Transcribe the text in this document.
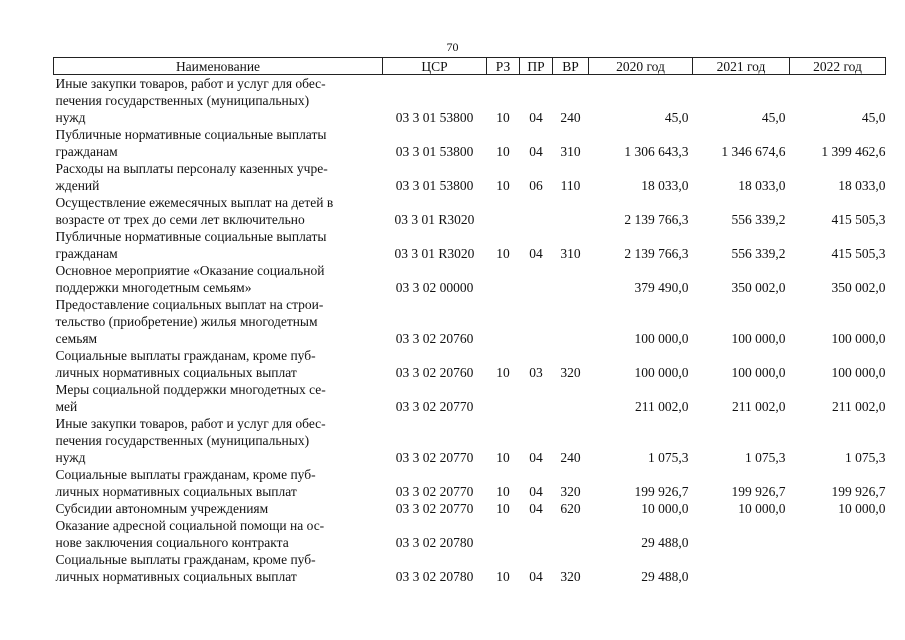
70
Наименование	ЦСР	РЗ	ПР	ВР	2020 год	2021 год	2022 год

Иные закупки товаров, работ и услуг для обес-
печения государственных (муниципальных)
нужд	03 3 01 53800	10	04	240	45,0	45,0	45,0

Публичные нормативные социальные выплаты
гражданам	03 3 01 53800	10	04	310	1 306 643,3	1 346 674,6	1 399 462,6

Расходы на выплаты персоналу казенных учре-
ждений	03 3 01 53800	10	06	110	18 033,0	18 033,0	18 033,0

Осуществление ежемесячных выплат на детей в
возрасте от трех до семи лет включительно	03 3 01 R3020				2 139 766,3	556 339,2	415 505,3

Публичные нормативные социальные выплаты
гражданам	03 3 01 R3020	10	04	310	2 139 766,3	556 339,2	415 505,3

Основное мероприятие «Оказание социальной
поддержки многодетным семьям»	03 3 02 00000				379 490,0	350 002,0	350 002,0

Предоставление социальных выплат на строи-
тельство (приобретение) жилья многодетным
семьям	03 3 02 20760				100 000,0	100 000,0	100 000,0

Социальные выплаты гражданам, кроме пуб-
личных нормативных социальных выплат	03 3 02 20760	10	03	320	100 000,0	100 000,0	100 000,0

Меры социальной поддержки многодетных се-
мей	03 3 02 20770				211 002,0	211 002,0	211 002,0

Иные закупки товаров, работ и услуг для обес-
печения государственных (муниципальных)
нужд	03 3 02 20770	10	04	240	1 075,3	1 075,3	1 075,3

Социальные выплаты гражданам, кроме пуб-
личных нормативных социальных выплат	03 3 02 20770	10	04	320	199 926,7	199 926,7	199 926,7

Субсидии автономным учреждениям	03 3 02 20770	10	04	620	10 000,0	10 000,0	10 000,0

Оказание адресной социальной помощи на ос-
нове заключения социального контракта	03 3 02 20780				29 488,0		

Социальные выплаты гражданам, кроме пуб-
личных нормативных социальных выплат	03 3 02 20780	10	04	320	29 488,0		
